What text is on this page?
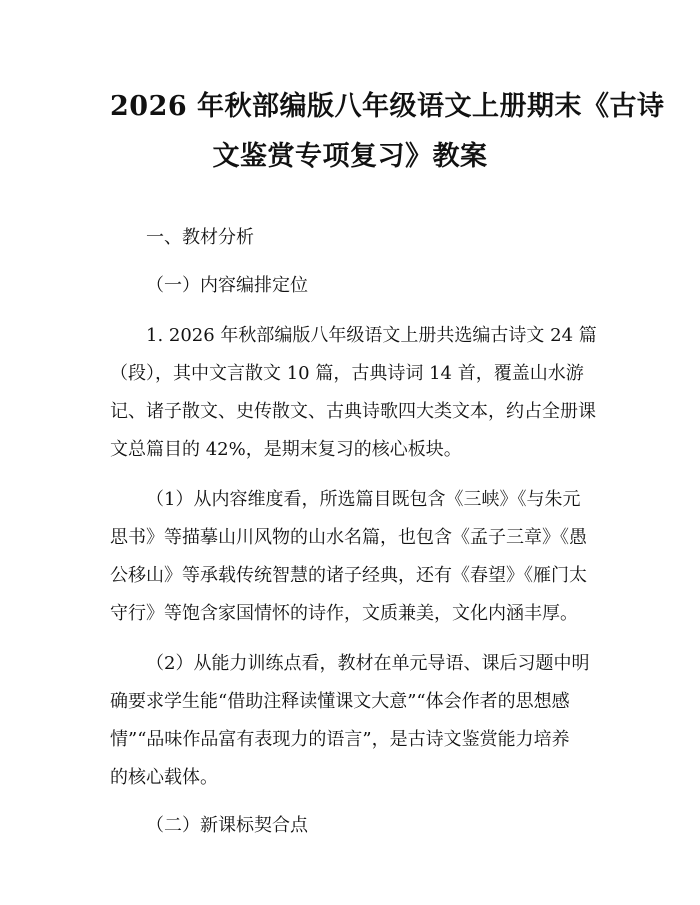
2026 年秋部编版八年级语文上册期末《古诗
文鉴赏专项复习》教案
一、教材分析
（一）内容编排定位

1. 2026 年秋部编版八年级语文上册共选编古诗文 24 篇
（段），其中文言散文 10 篇，古典诗词 14 首，覆盖山水游
记、诸子散文、史传散文、古典诗歌四大类文本，约占全册课
文总篇目的 42%，是期末复习的核心板块。

（1）从内容维度看，所选篇目既包含《三峡》《与朱元
思书》等描摹山川风物的山水名篇，也包含《孟子三章》《愚
公移山》等承载传统智慧的诸子经典，还有《春望》《雁门太
守行》等饱含家国情怀的诗作，文质兼美，文化内涵丰厚。

（2）从能力训练点看，教材在单元导语、课后习题中明
确要求学生能“借助注释读懂课文大意”“体会作者的思想感
情”“品味作品富有表现力的语言”，是古诗文鉴赏能力培养
的核心载体。

（二）新课标契合点
